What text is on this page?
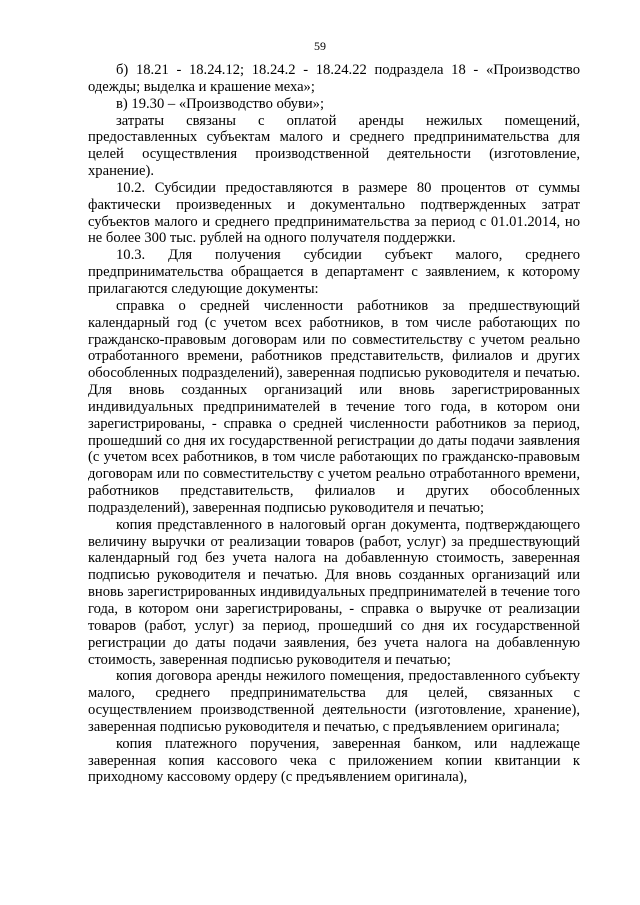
59

б) 18.21 - 18.24.12; 18.24.2 - 18.24.22 подраздела 18 - «Производство одежды; выделка и крашение меха»;

в) 19.30 – «Производство обуви»;

затраты связаны с оплатой аренды нежилых помещений, предоставленных субъектам малого и среднего предпринимательства для целей осуществления производственной деятельности (изготовление, хранение).

10.2. Субсидии предоставляются в размере 80 процентов от суммы фактически произведенных и документально подтвержденных затрат субъектов малого и среднего предпринимательства за период с 01.01.2014, но не более 300 тыс. рублей на одного получателя поддержки.

10.3. Для получения субсидии субъект малого, среднего предпринимательства обращается в департамент с заявлением, к которому прилагаются следующие документы:

справка о средней численности работников за предшествующий календарный год (с учетом всех работников, в том числе работающих по гражданско-правовым договорам или по совместительству с учетом реально отработанного времени, работников представительств, филиалов и других обособленных подразделений), заверенная подписью руководителя и печатью. Для вновь созданных организаций или вновь зарегистрированных индивидуальных предпринимателей в течение того года, в котором они зарегистрированы, - справка о средней численности работников за период, прошедший со дня их государственной регистрации до даты подачи заявления (с учетом всех работников, в том числе работающих по гражданско-правовым договорам или по совместительству с учетом реально отработанного времени, работников представительств, филиалов и других обособленных подразделений), заверенная подписью руководителя и печатью;

копия представленного в налоговый орган документа, подтверждающего величину выручки от реализации товаров (работ, услуг) за предшествующий календарный год без учета налога на добавленную стоимость, заверенная подписью руководителя и печатью. Для вновь созданных организаций или вновь зарегистрированных индивидуальных предпринимателей в течение того года, в котором они зарегистрированы, - справка о выручке от реализации товаров (работ, услуг) за период, прошедший со дня их государственной регистрации до даты подачи заявления, без учета налога на добавленную стоимость, заверенная подписью руководителя и печатью;

копия договора аренды нежилого помещения, предоставленного субъекту малого, среднего предпринимательства для целей, связанных с осуществлением производственной деятельности (изготовление, хранение), заверенная подписью руководителя и печатью, с предъявлением оригинала;

копия платежного поручения, заверенная банком, или надлежаще заверенная копия кассового чека с приложением копии квитанции к приходному кассовому ордеру (с предъявлением оригинала),
